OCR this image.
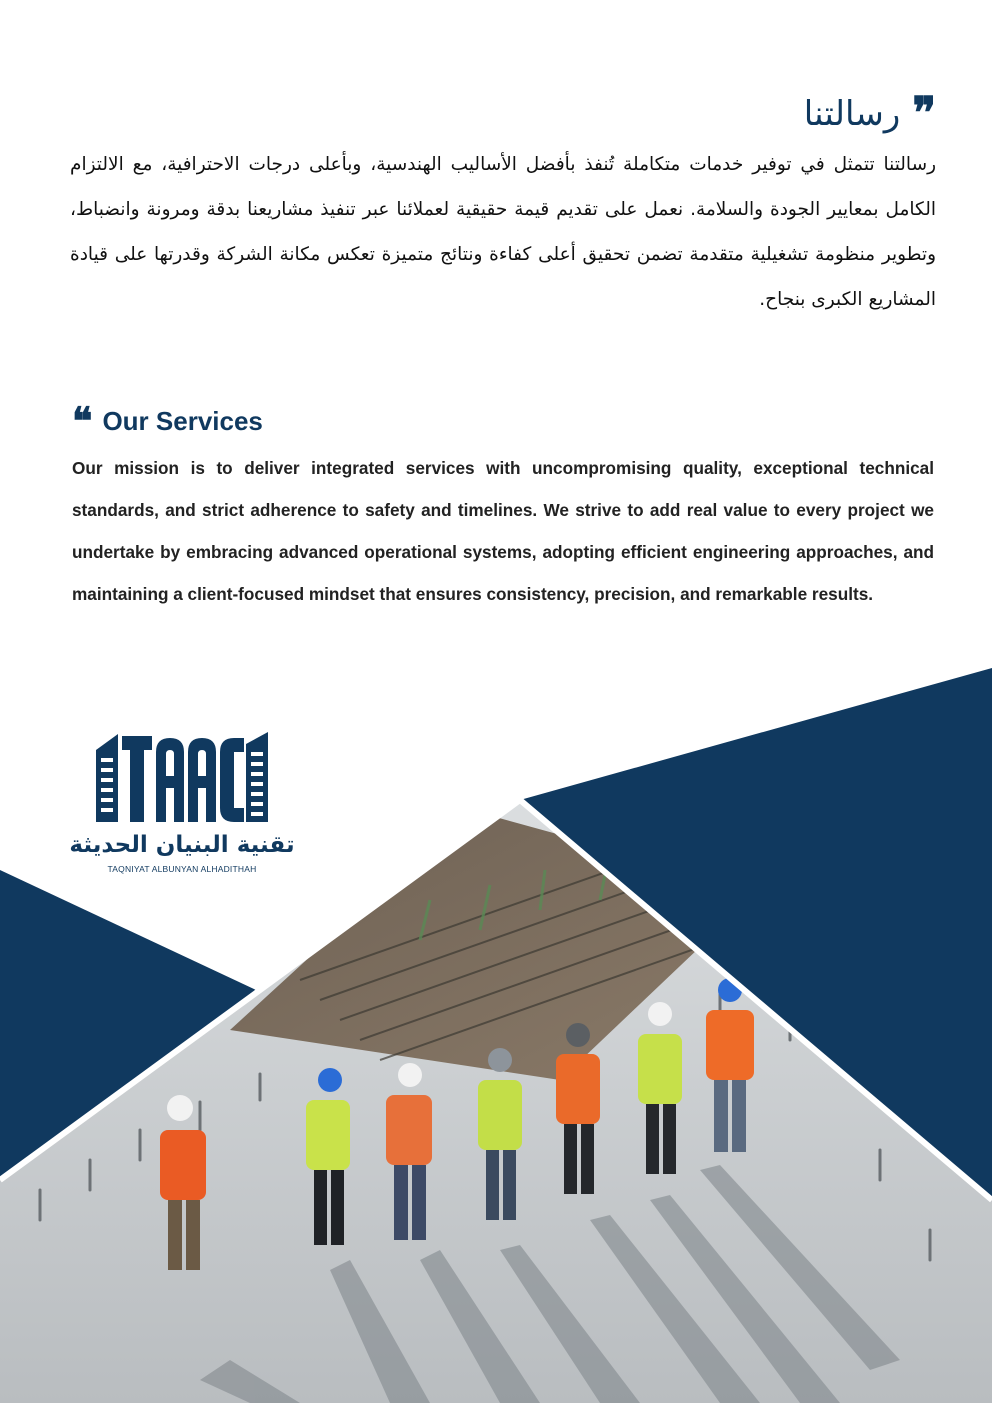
❞
رسالتنا

رسالتنا تتمثل في توفير خدمات متكاملة تُنفذ بأفضل الأساليب الهندسية، وبأعلى درجات الاحترافية، مع الالتزام الكامل بمعايير الجودة والسلامة. نعمل على تقديم قيمة حقيقية لعملائنا عبر تنفيذ مشاريعنا بدقة ومرونة وانضباط، وتطوير منظومة تشغيلية متقدمة تضمن تحقيق أعلى كفاءة ونتائج متميزة تعكس مكانة الشركة وقدرتها على قيادة المشاريع الكبرى بنجاح.

❝ Our Services

Our mission is to deliver integrated services with uncompromising quality, exceptional technical standards, and strict adherence to safety and timelines. We strive to add real value to every project we undertake by embracing advanced operational systems, adopting efficient engineering approaches, and maintaining a client-focused mindset that ensures consistency, precision, and remarkable results.

تقنية البنيان الحديثة
TAQNIYAT ALBUNYAN ALHADITHAH
